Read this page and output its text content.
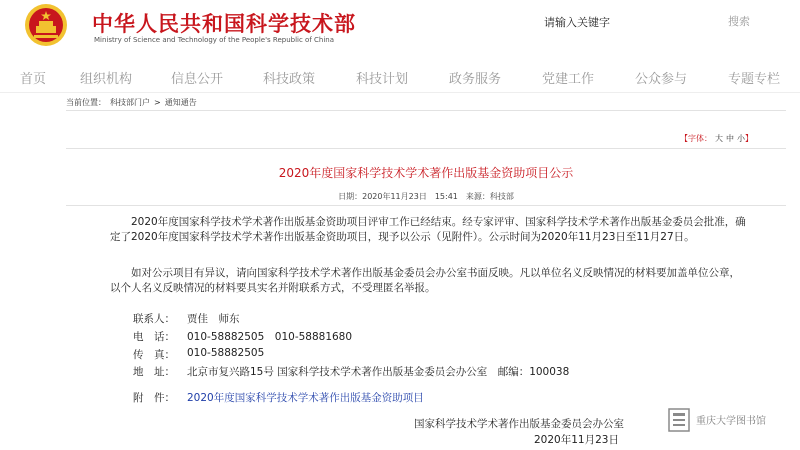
中华人民共和国科学技术部
Ministry of Science and Technology of the People's Republic of China
请输入关键字
搜索
首页	组织机构	信息公开	科技政策	科技计划	政务服务	党建工作	公众参与	专题专栏
当前位置： 科技部门户 > 通知通告
【字体： 大 中 小】
2020年度国家科学技术学术著作出版基金资助项目公示
日期：2020年11月23日　15:41 来源：科技部
2020年度国家科学技术学术著作出版基金资助项目评审工作已经结束。经专家评审、国家科学技术学术著作出版基金委员会批准，确定了2020年度国家科学技术学术著作出版基金资助项目，现予以公示（见附件）。公示时间为2020年11月23日至11月27日。
如对公示项目有异议，请向国家科学技术学术著作出版基金委员会办公室书面反映。凡以单位名义反映情况的材料要加盖单位公章，以个人名义反映情况的材料要具实名并附联系方式，不受理匿名举报。
联系人： 贾佳　师东
电　话： 010-58882505　010-58881680
传　真： 010-58882505
地　址： 北京市复兴路15号 国家科学技术学术著作出版基金委员会办公室　邮编：100038
附　件： 2020年度国家科学技术学术著作出版基金资助项目
国家科学技术学术著作出版基金委员会办公室
2020年11月23日
重庆大学图书馆
